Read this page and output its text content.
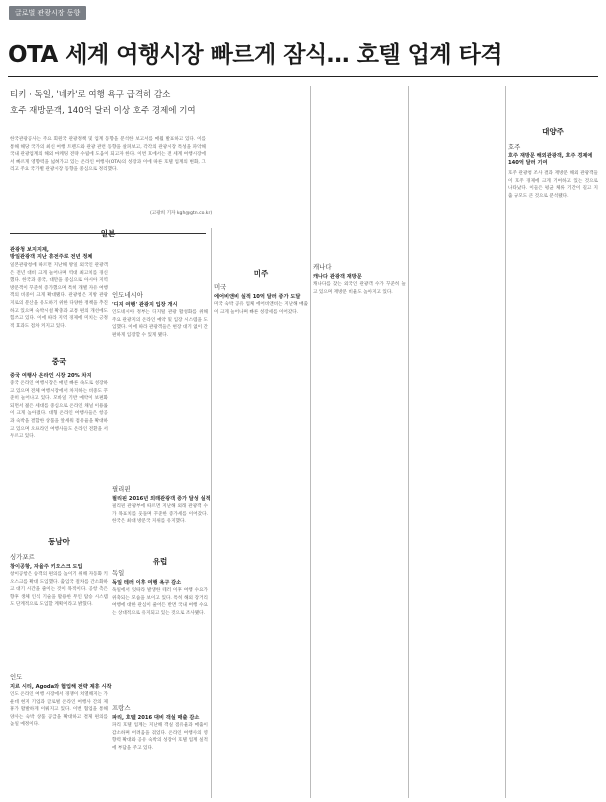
글로벌 관광시장 동향
OTA 세계 여행시장 빠르게 잠식… 호텔 업계 타격
티키 · 독일, '네카'로 여행 욕구 급격히 감소
호주 재방문객, 140억 달러 이상 호주 경제에 기여
한국관광공사는 주요 회원국 관광정책 및 업계 동향을 분석한 보고서를 매월 발표하고 있다. 이를 통해 해당 국가의 최신 여행 트렌드와 관광 관련 동향을 살펴보고, 각각의 관광시장 특성을 파악해 국내 관광업계의 해외 마케팅 전략 수립에 도움이 되고자 한다. 이번 호에서는 전 세계 여행시장에서 빠르게 영향력을 넓혀가고 있는 온라인 여행사(OTA)의 성장과 이에 따른 호텔 업계의 변화, 그리고 주요 국가별 관광시장 동향을 중심으로 정리했다.
(고광희 기자 kgh@gtn.co.kr)
일본
관광청 보지지제,
방일관광객 지난 휴전주로 전년 정체
일본관광청에 따르면 지난해 방일 외국인 관광객은 전년 대비 크게 늘어나며 역대 최고치를 경신했다. 한국과 중국, 대만을 중심으로 아시아 지역 방문객이 꾸준히 증가했으며 특히 개별 자유 여행객의 비중이 크게 확대됐다. 관광청은 지방 관광지로의 분산을 유도하기 위한 다양한 정책을 추진하고 있으며 숙박시설 확충과 교통 편의 개선에도 힘쓰고 있다. 이에 따라 지역 경제에 미치는 긍정적 효과도 점차 커지고 있다.
중국
중국 여행사 온라인 시장 20% 차지
중국 온라인 여행시장은 매년 빠른 속도로 성장하고 있으며 전체 여행시장에서 차지하는 비중도 꾸준히 늘어나고 있다. 모바일 기반 예약이 보편화되면서 젊은 세대를 중심으로 온라인 채널 이용률이 크게 높아졌다. 대형 온라인 여행사들은 항공과 숙박을 결합한 상품을 앞세워 점유율을 확대하고 있으며 오프라인 여행사들도 온라인 전환을 서두르고 있다.
동남아
싱가포르
창이공항, 자율주 키오스크 도입
창이공항은 승객의 편의를 높이기 위해 자동화 키오스크를 확대 도입했다. 출입국 절차를 간소화하고 대기 시간을 줄이는 것이 목적이다. 공항 측은 향후 생체 인식 기술을 활용한 무인 탑승 시스템도 단계적으로 도입할 계획이라고 밝혔다.
인도
지르 시티, Agoda와 협업해 전략 제휴 시작
인도 온라인 여행 시장에서 경쟁이 치열해지는 가운데 현지 기업과 글로벌 온라인 여행사 간의 제휴가 활발하게 이뤄지고 있다. 이번 협업을 통해 양사는 숙박 상품 공급을 확대하고 결제 편의를 높일 예정이다.
인도네시아
'디지 여행' 관광지 입장 개시
인도네시아 정부는 디지털 관광 활성화를 위해 주요 관광지의 온라인 예약 및 입장 시스템을 도입했다. 이에 따라 관광객들은 현장 대기 없이 간편하게 입장할 수 있게 됐다.
필리핀
필리핀 2016년 외래관광객 증가 달성 실적
필리핀 관광부에 따르면 지난해 외래 관광객 수가 목표치를 웃돌며 꾸준한 증가세를 이어갔다. 한국은 최대 방문국 지위를 유지했다.
유럽
독일
독일 테러 이후 여행 욕구 감소
독일에서 잇따라 발생한 테러 이후 여행 수요가 위축되는 모습을 보이고 있다. 특히 해외 장거리 여행에 대한 관심이 줄어든 반면 국내 여행 수요는 상대적으로 유지되고 있는 것으로 조사됐다.
프랑스
파리, 호텔 2016 대비 객실 매출 감소
파리 호텔 업계는 지난해 객실 점유율과 매출이 감소하며 어려움을 겪었다. 온라인 여행사의 영향력 확대와 공유 숙박의 성장이 호텔 업계 실적에 부담을 주고 있다.
미주
미국
에어비앤비 실적 10억 달러 증가 도달
미국 숙박 공유 업체 에어비앤비는 지난해 매출이 크게 늘어나며 빠른 성장세를 이어갔다.
캐나다
캐나다 관광객 재방문
캐나다를 찾는 외국인 관광객 수가 꾸준히 늘고 있으며 재방문 비율도 높아지고 있다.
대양주
호주
호주 재방문 해외관광객, 호주 경제에 140억 달러 기여
호주 관광청 조사 결과 재방문 해외 관광객들이 호주 경제에 크게 기여하고 있는 것으로 나타났다. 이들은 평균 체류 기간이 길고 지출 규모도 큰 것으로 분석됐다.
